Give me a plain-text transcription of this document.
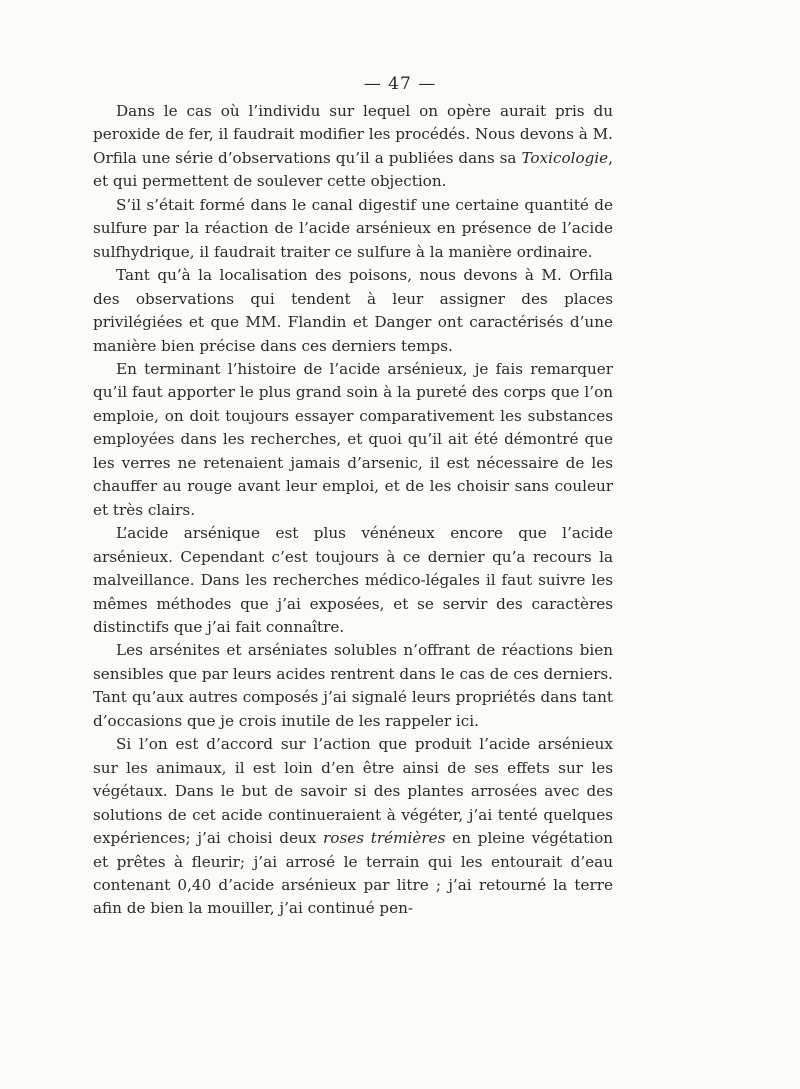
— 47 —

Dans le cas où l’individu sur lequel on opère aurait pris du peroxide de fer, il faudrait modifier les procédés. Nous devons à M. Orfila une série d’observations qu’il a publiées dans sa Toxicologie, et qui permettent de soulever cette objection.

S’il s’était formé dans le canal digestif une certaine quantité de sulfure par la réaction de l’acide arsénieux en présence de l’acide sulfhydrique, il faudrait traiter ce sulfure à la manière ordinaire.

Tant qu’à la localisation des poisons, nous devons à M. Orfila des observations qui tendent à leur assigner des places privilégiées et que MM. Flandin et Danger ont caractérisés d’une manière bien précise dans ces derniers temps.

En terminant l’histoire de l’acide arsénieux, je fais remarquer qu’il faut apporter le plus grand soin à la pureté des corps que l’on emploie, on doit toujours essayer comparativement les substances employées dans les recherches, et quoi qu’il ait été démontré que les verres ne retenaient jamais d’arsenic, il est nécessaire de les chauffer au rouge avant leur emploi, et de les choisir sans couleur et très clairs.

L’acide arsénique est plus vénéneux encore que l’acide arsénieux. Cependant c’est toujours à ce dernier qu’a recours la malveillance. Dans les recherches médico-légales il faut suivre les mêmes méthodes que j’ai exposées, et se servir des caractères distinctifs que j’ai fait connaître.

Les arsénites et arséniates solubles n’offrant de réactions bien sensibles que par leurs acides rentrent dans le cas de ces derniers. Tant qu’aux autres composés j’ai signalé leurs propriétés dans tant d’occasions que je crois inutile de les rappeler ici.

Si l’on est d’accord sur l’action que produit l’acide arsénieux sur les animaux, il est loin d’en être ainsi de ses effets sur les végétaux. Dans le but de savoir si des plantes arrosées avec des solutions de cet acide continueraient à végéter, j’ai tenté quelques expériences; j’ai choisi deux roses trémières en pleine végétation et prêtes à fleurir; j’ai arrosé le terrain qui les entourait d’eau contenant 0,40 d’acide arsénieux par litre ; j’ai retourné la terre afin de bien la mouiller, j’ai continué pen-
